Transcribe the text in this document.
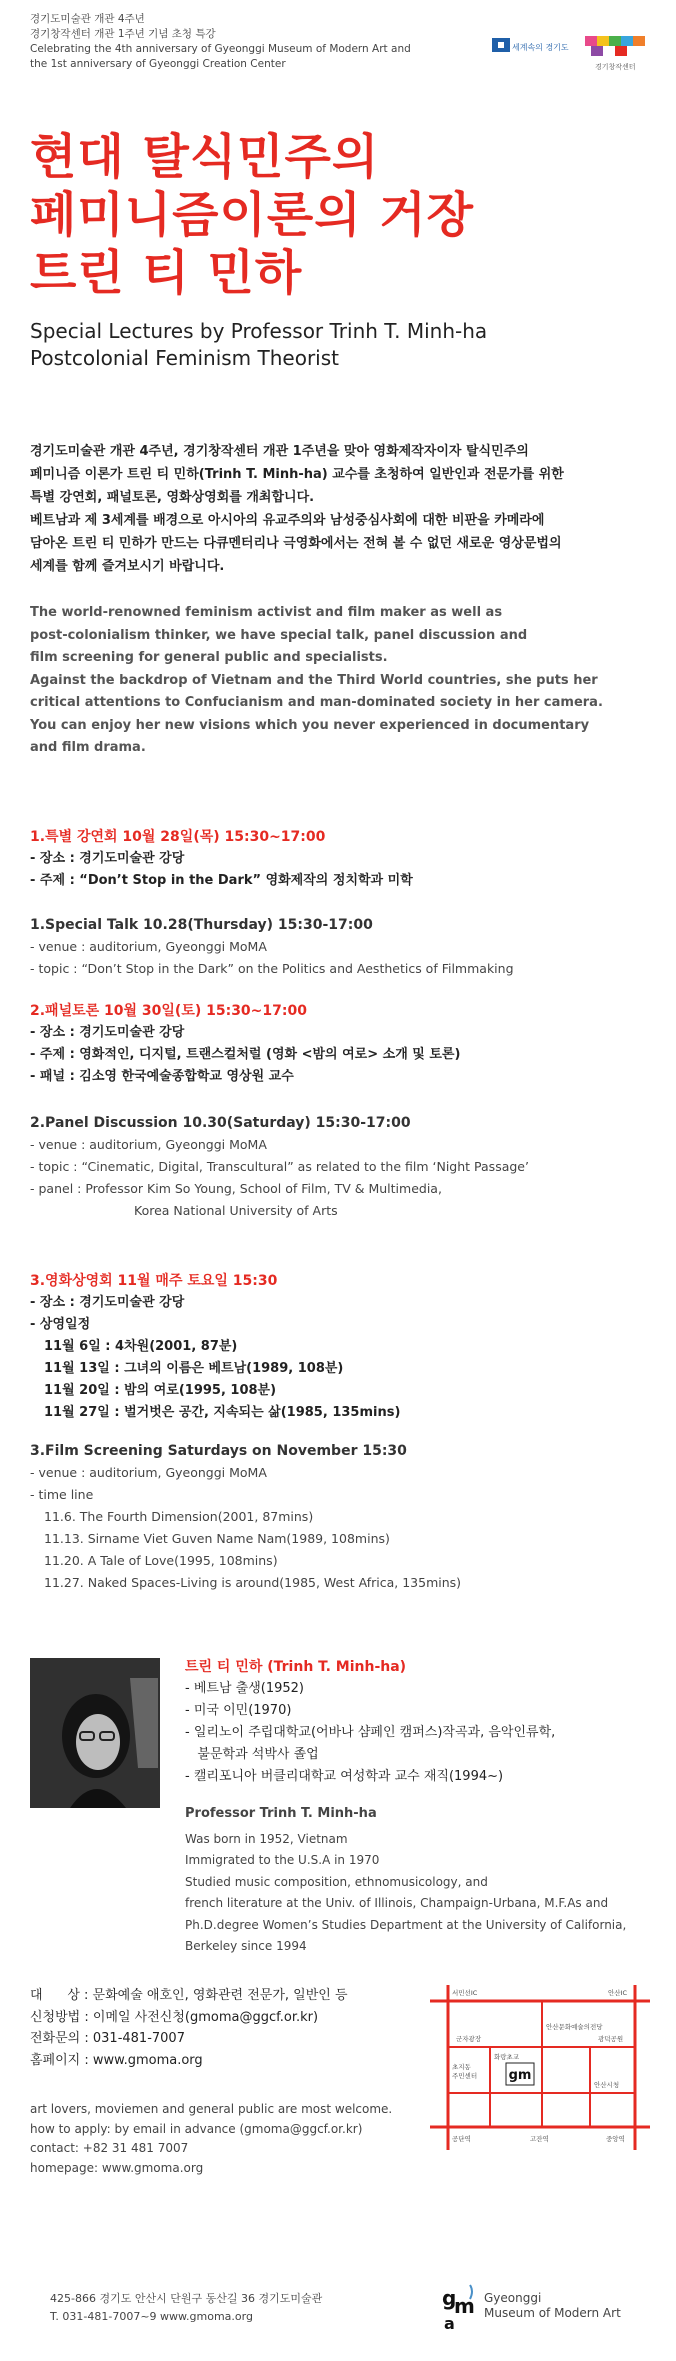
경기도미술관 개관 4주년
경기창작센터 개관 1주년 기념 초청 특강
Celebrating the 4th anniversary of Gyeonggi Museum of Modern Art and
the 1st anniversary of Gyeonggi Creation Center
세계속의 경기도
경기창작센터
현대 탈식민주의
페미니즘이론의 거장
트린 티 민하
Special Lectures by Professor Trinh T. Minh-ha
Postcolonial Feminism Theorist
경기도미술관 개관 4주년, 경기창작센터 개관 1주년을 맞아 영화제작자이자 탈식민주의
페미니즘 이론가 트린 티 민하(Trinh T. Minh-ha) 교수를 초청하여 일반인과 전문가를 위한
특별 강연회, 패널토론, 영화상영회를 개최합니다.
베트남과 제 3세계를 배경으로 아시아의 유교주의와 남성중심사회에 대한 비판을 카메라에
담아온 트린 티 민하가 만드는 다큐멘터리나 극영화에서는 전혀 볼 수 없던 새로운 영상문법의
세계를 함께 즐겨보시기 바랍니다.
The world-renowned feminism activist and film maker as well as
post-colonialism thinker, we have special talk, panel discussion and
film screening for general public and specialists.
Against the backdrop of Vietnam and the Third World countries, she puts her
critical attentions to Confucianism and man-dominated society in her camera.
You can enjoy her new visions which you never experienced in documentary
and film drama.
1.특별 강연회 10월 28일(목) 15:30~17:00
- 장소 : 경기도미술관 강당
- 주제 : “Don’t Stop in the Dark” 영화제작의 정치학과 미학
1.Special Talk 10.28(Thursday) 15:30-17:00
- venue : auditorium, Gyeonggi MoMA
- topic : “Don’t Stop in the Dark” on the Politics and Aesthetics of Filmmaking
2.패널토론 10월 30일(토) 15:30~17:00
- 장소 : 경기도미술관 강당
- 주제 : 영화적인, 디지털, 트랜스컬처럴 (영화 <밤의 여로> 소개 및 토론)
- 패널 : 김소영 한국예술종합학교 영상원 교수
2.Panel Discussion 10.30(Saturday) 15:30-17:00
- venue : auditorium, Gyeonggi MoMA
- topic : “Cinematic, Digital, Transcultural” as related to the film ‘Night Passage’
- panel : Professor Kim So Young, School of Film, TV & Multimedia,
Korea National University of Arts
3.영화상영회 11월 매주 토요일 15:30
- 장소 : 경기도미술관 강당
- 상영일정
11월 6일 : 4차원(2001, 87분)
11월 13일 : 그녀의 이름은 베트남(1989, 108분)
11월 20일 : 밤의 여로(1995, 108분)
11월 27일 : 벌거벗은 공간, 지속되는 삶(1985, 135mins)
3.Film Screening Saturdays on November 15:30
- venue : auditorium, Gyeonggi MoMA
- time line
11.6. The Fourth Dimension(2001, 87mins)
11.13. Sirname Viet Guven Name Nam(1989, 108mins)
11.20. A Tale of Love(1995, 108mins)
11.27. Naked Spaces-Living is around(1985, West Africa, 135mins)
트린 티 민하 (Trinh T. Minh-ha)
- 베트남 출생(1952)
- 미국 이민(1970)
- 일리노이 주립대학교(어바나 샴페인 캠퍼스)작곡과, 음악인류학,
불문학과 석박사 졸업
- 캘리포니아 버클리대학교 여성학과 교수 재직(1994~)
Professor Trinh T. Minh-ha
Was born in 1952, Vietnam
Immigrated to the U.S.A in 1970
Studied music composition, ethnomusicology, and
french literature at the Univ. of Illinois, Champaign-Urbana, M.F.As and
Ph.D.degree Women’s Studies Department at the University of California,
Berkeley since 1994
대      상 : 문화예술 애호인, 영화관련 전문가, 일반인 등
신청방법 : 이메일 사전신청(gmoma@ggcf.or.kr)
전화문의 : 031-481-7007
홈페이지 : www.gmoma.org
art lovers, moviemen and general public are most welcome.
how to apply: by email in advance (gmoma@ggcf.or.kr)
contact: +82 31 481 7007
homepage: www.gmoma.org
gm
서민선IC	안산IC
안산문화예술의전당
군자광장	광덕공원
화랑초교
초지동
주민센터
안산시청
공단역	고잔역	중앙역
425-866 경기도 안산시 단원구 동산길 36 경기도미술관
T. 031-481-7007~9 www.gmoma.org
g
m
a
Gyeonggi
Museum of Modern Art
